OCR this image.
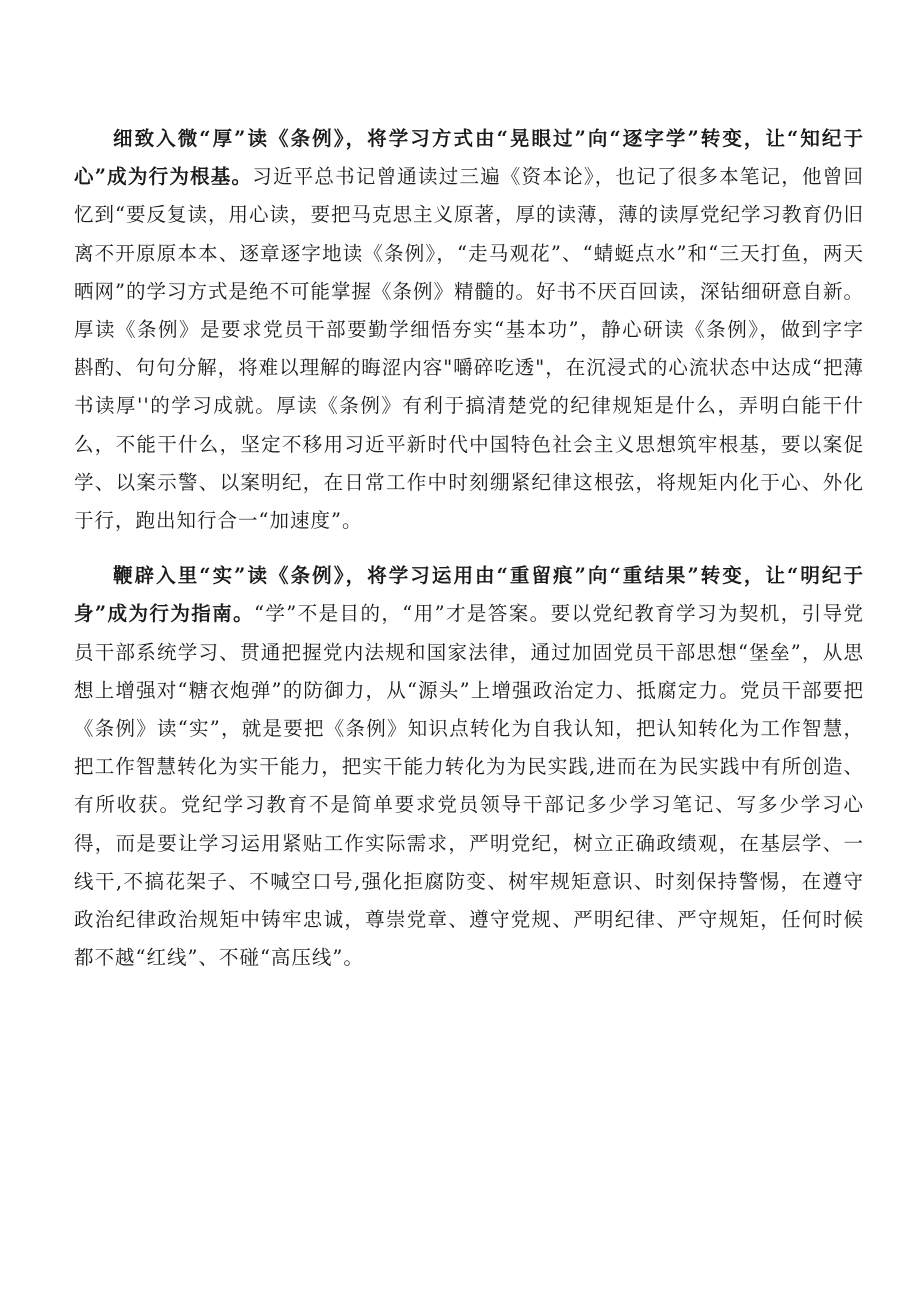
细致入微“厚”读《条例》，将学习方式由“晃眼过”向“逐字学”转变，让“知纪于心”成为行为根基。习近平总书记曾通读过三遍《资本论》，也记了很多本笔记，他曾回忆到“要反复读，用心读，要把马克思主义原著，厚的读薄，薄的读厚党纪学习教育仍旧离不开原原本本、逐章逐字地读《条例》，“走马观花”、“蜻蜓点水”和“三天打鱼，两天晒网”的学习方式是绝不可能掌握《条例》精髓的。好书不厌百回读，深钻细研意自新。厚读《条例》是要求党员干部要勤学细悟夯实“基本功”，静心研读《条例》，做到字字斟酌、句句分解，将难以理解的晦涩内容"嚼碎吃透"，在沉浸式的心流状态中达成“把薄书读厚''的学习成就。厚读《条例》有利于搞清楚党的纪律规矩是什么，弄明白能干什么，不能干什么，坚定不移用习近平新时代中国特色社会主义思想筑牢根基，要以案促学、以案示警、以案明纪，在日常工作中时刻绷紧纪律这根弦，将规矩内化于心、外化于行，跑出知行合一“加速度”。

鞭辟入里“实”读《条例》，将学习运用由“重留痕”向“重结果”转变，让“明纪于身”成为行为指南。“学”不是目的，“用”才是答案。要以党纪教育学习为契机，引导党员干部系统学习、贯通把握党内法规和国家法律，通过加固党员干部思想“堡垒”，从思想上增强对“糖衣炮弹”的防御力，从“源头”上增强政治定力、抵腐定力。党员干部要把《条例》读“实”，就是要把《条例》知识点转化为自我认知，把认知转化为工作智慧，把工作智慧转化为实干能力，把实干能力转化为为民实践,进而在为民实践中有所创造、有所收获。党纪学习教育不是简单要求党员领导干部记多少学习笔记、写多少学习心得，而是要让学习运用紧贴工作实际需求，严明党纪，树立正确政绩观，在基层学、一线干,不搞花架子、不喊空口号,强化拒腐防变、树牢规矩意识、时刻保持警惕，在遵守政治纪律政治规矩中铸牢忠诚，尊崇党章、遵守党规、严明纪律、严守规矩，任何时候都不越“红线”、不碰“高压线”。
